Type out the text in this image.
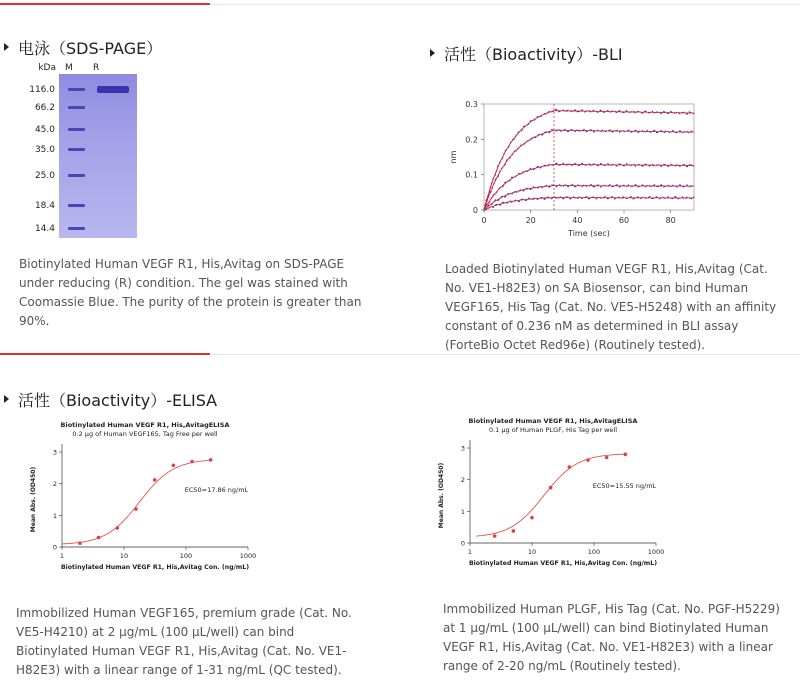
电泳（SDS-PAGE）
kDa
116.0
66.2
45.0
35.0
25.0
18.4
14.4
M R
Biotinylated Human VEGF R1, His,Avitag on SDS-PAGE under reducing (R) condition. The gel was stained with Coomassie Blue. The purity of the protein is greater than 90%.
活性（Bioactivity）-BLI
0	20	40	60	80
0
0.1
0.2
0.3
Time (sec)
nm
Loaded Biotinylated Human VEGF R1, His,Avitag (Cat. No. VE1-H82E3) on SA Biosensor, can bind Human VEGF165, His Tag (Cat. No. VE5-H5248) with an affinity constant of 0.236 nM as determined in BLI assay (ForteBio Octet Red96e) (Routinely tested).
活性（Bioactivity）-ELISA
Biotinylated Human VEGF R1, His,AvitagELISA
0.2 μg of Human VEGF165, Tag Free per well
1	10	100	1000
0
1
2
3
Biotinylated Human VEGF R1, His,Avitag Con. (ng/mL)
Mean Abs. (OD450)	EC50=17.86 ng/mL
Biotinylated Human VEGF R1, His,AvitagELISA
0.1 μg of Human PLGF, His Tag per well
1	10	100	1000
0
1
2
3
Biotinylated Human VEGF R1, His,Avitag Con. (ng/mL)
Mean Abs. (OD450)	EC50=15.55 ng/mL
Immobilized Human VEGF165, premium grade (Cat. No. VE5-H4210) at 2 μg/mL (100 μL/well) can bind Biotinylated Human VEGF R1, His,Avitag (Cat. No. VE1-H82E3) with a linear range of 1-31 ng/mL (QC tested).
Immobilized Human PLGF, His Tag (Cat. No. PGF-H5229) at 1 μg/mL (100 μL/well) can bind Biotinylated Human VEGF R1, His,Avitag (Cat. No. VE1-H82E3) with a linear range of 2-20 ng/mL (Routinely tested).
